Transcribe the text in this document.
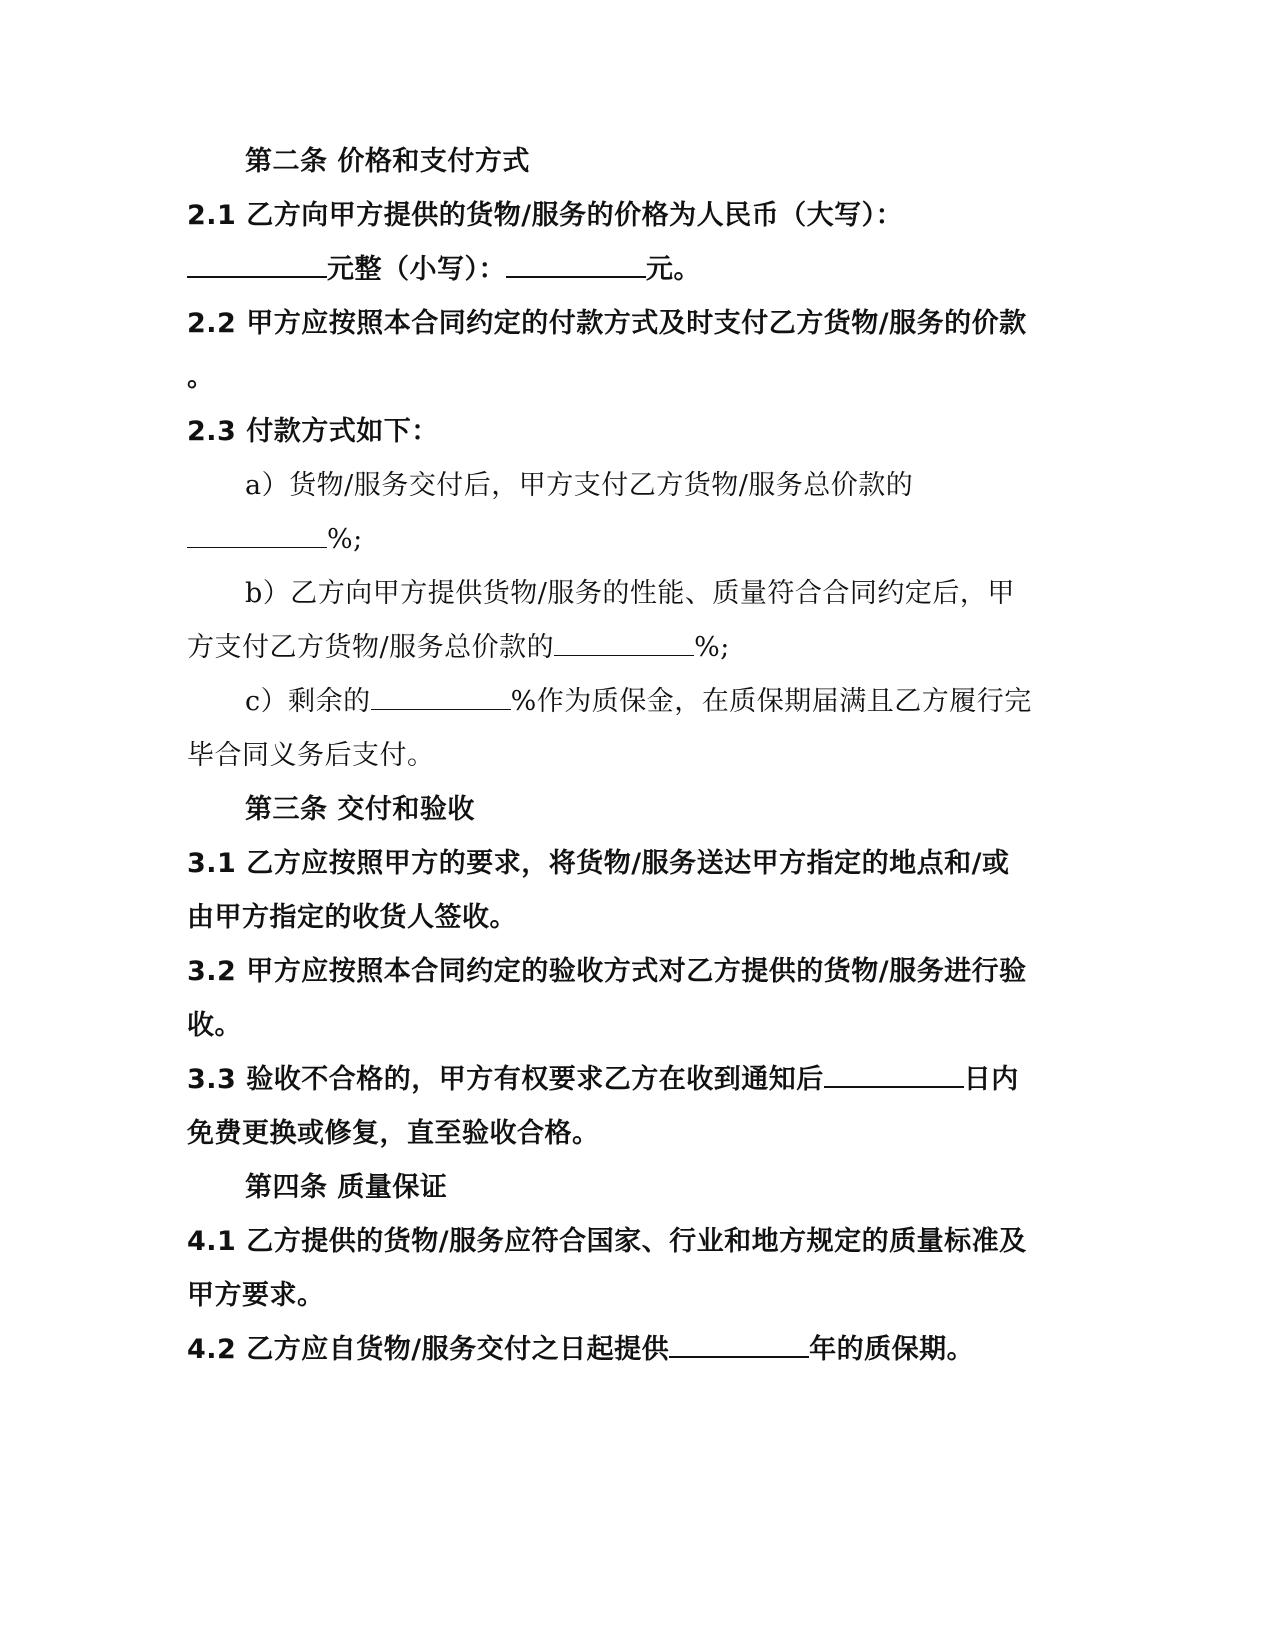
第二条 价格和支付方式

2.1 乙方向甲方提供的货物/服务的价格为人民币（大写）：

元整（小写）：	元。

2.2 甲方应按照本合同约定的付款方式及时支付乙方货物/服务的价款

。

2.3 付款方式如下：

a）货物/服务交付后，甲方支付乙方货物/服务总价款的

%;

b）乙方向甲方提供货物/服务的性能、质量符合合同约定后，甲

方支付乙方货物/服务总价款的	%;

c）剩余的	%作为质保金，在质保期届满且乙方履行完

毕合同义务后支付。

第三条 交付和验收

3.1 乙方应按照甲方的要求，将货物/服务送达甲方指定的地点和/或

由甲方指定的收货人签收。

3.2 甲方应按照本合同约定的验收方式对乙方提供的货物/服务进行验

收。

3.3 验收不合格的，甲方有权要求乙方在收到通知后	日内

免费更换或修复，直至验收合格。

第四条 质量保证

4.1 乙方提供的货物/服务应符合国家、行业和地方规定的质量标准及

甲方要求。

4.2 乙方应自货物/服务交付之日起提供	年的质保期。
